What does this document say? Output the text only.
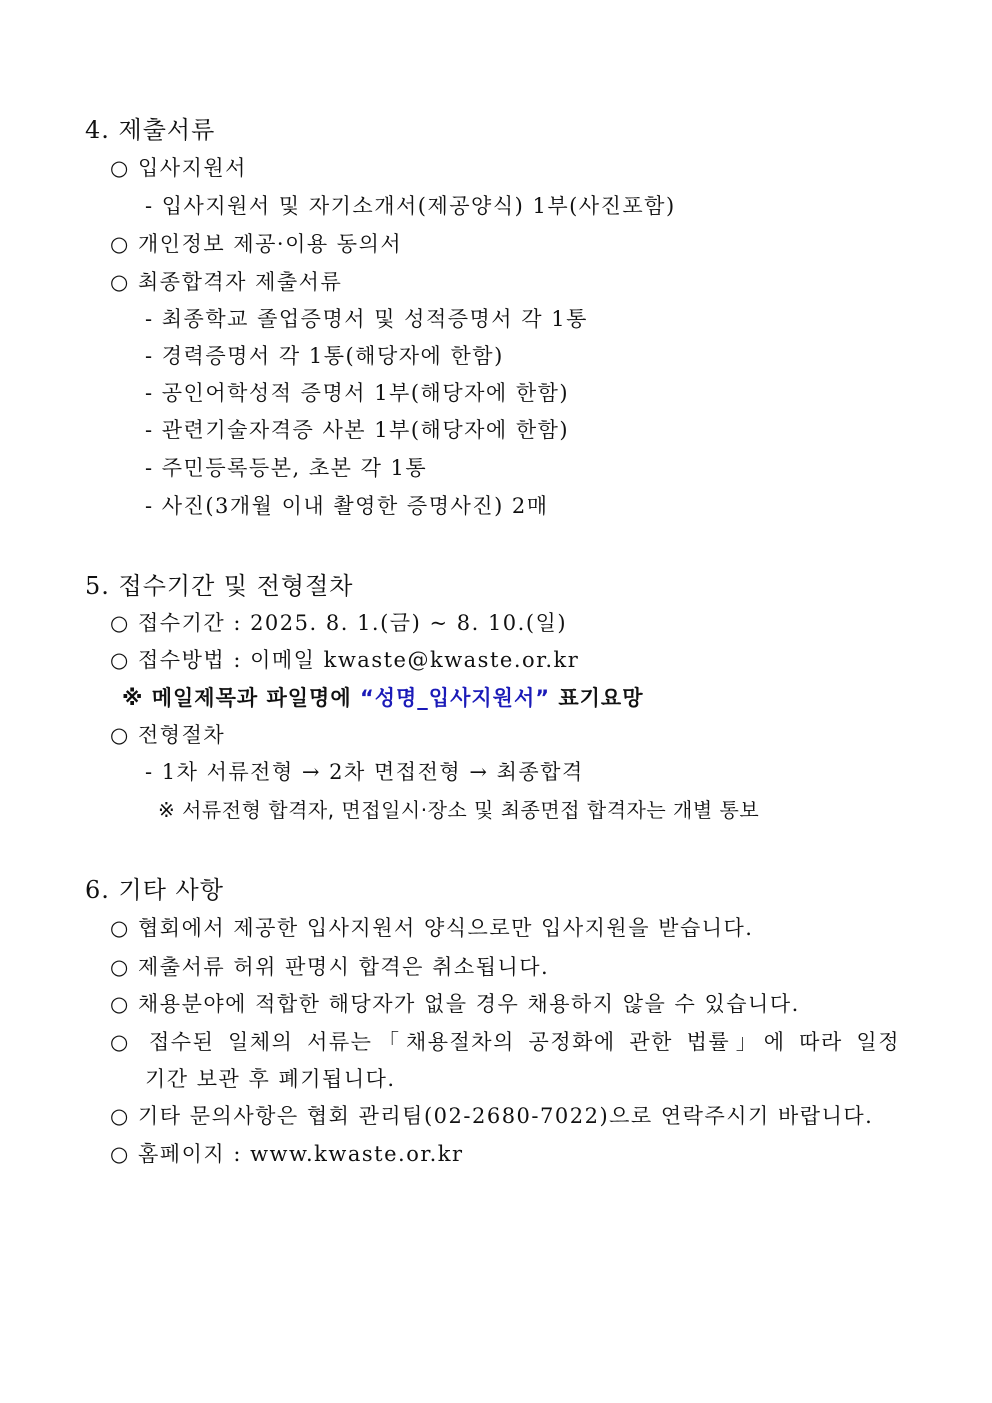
4. 제출서류
○ 입사지원서
- 입사지원서 및 자기소개서(제공양식) 1부(사진포함)
○ 개인정보 제공·이용 동의서
○ 최종합격자 제출서류
- 최종학교 졸업증명서 및 성적증명서 각 1통
- 경력증명서 각 1통(해당자에 한함)
- 공인어학성적 증명서 1부(해당자에 한함)
- 관련기술자격증 사본 1부(해당자에 한함)
- 주민등록등본, 초본 각 1통
- 사진(3개월 이내 촬영한 증명사진) 2매
5. 접수기간 및 전형절차
○ 접수기간 : 2025. 8. 1.(금) ~ 8. 10.(일)
○ 접수방법 : 이메일 kwaste@kwaste.or.kr
※ 메일제목과 파일명에 “성명_입사지원서” 표기요망
○ 전형절차
- 1차 서류전형 → 2차 면접전형 → 최종합격
※ 서류전형 합격자, 면접일시·장소 및 최종면접 합격자는 개별 통보
6. 기타 사항
○ 협회에서 제공한 입사지원서 양식으로만 입사지원을 받습니다.
○ 제출서류 허위 판명시 합격은 취소됩니다.
○ 채용분야에 적합한 해당자가 없을 경우 채용하지 않을 수 있습니다.
○ 접수된 일체의 서류는「채용절차의 공정화에 관한 법률」에 따라 일정
기간 보관 후 폐기됩니다.
○ 기타 문의사항은 협회 관리팀(02-2680-7022)으로 연락주시기 바랍니다.
○ 홈페이지 : www.kwaste.or.kr
